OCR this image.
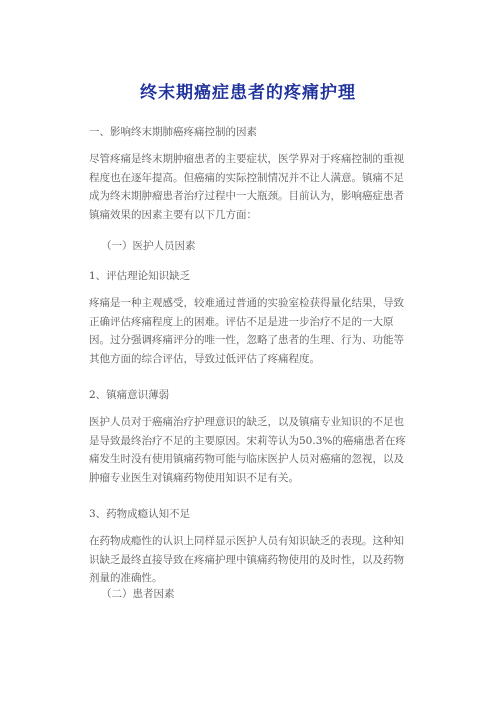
终末期癌症患者的疼痛护理

一、影响终末期肺癌疼痛控制的因素

尽管疼痛是终末期肿瘤患者的主要症状，医学界对于疼痛控制的重视程度也在逐年提高。但癌痛的实际控制情况并不让人满意。镇痛不足成为终末期肿瘤患者治疗过程中一大瓶颈。目前认为，影响癌症患者镇痛效果的因素主要有以下几方面：

（一）医护人员因素

1、评估理论知识缺乏

疼痛是一种主观感受，较难通过普通的实验室检获得量化结果，导致正确评估疼痛程度上的困难。评估不足是进一步治疗不足的一大原因。过分强调疼痛评分的唯一性，忽略了患者的生理、行为、功能等其他方面的综合评估，导致过低评估了疼痛程度。

2、镇痛意识薄弱

医护人员对于癌痛治疗护理意识的缺乏，以及镇痛专业知识的不足也是导致最终治疗不足的主要原因。宋莉等认为50.3%的癌痛患者在疼痛发生时没有使用镇痛药物可能与临床医护人员对癌痛的忽视，以及肿瘤专业医生对镇痛药物使用知识不足有关。

3、药物成瘾认知不足

在药物成瘾性的认识上同样显示医护人员有知识缺乏的表现。这种知识缺乏最终直接导致在疼痛护理中镇痛药物使用的及时性，以及药物剂量的准确性。

（二）患者因素
